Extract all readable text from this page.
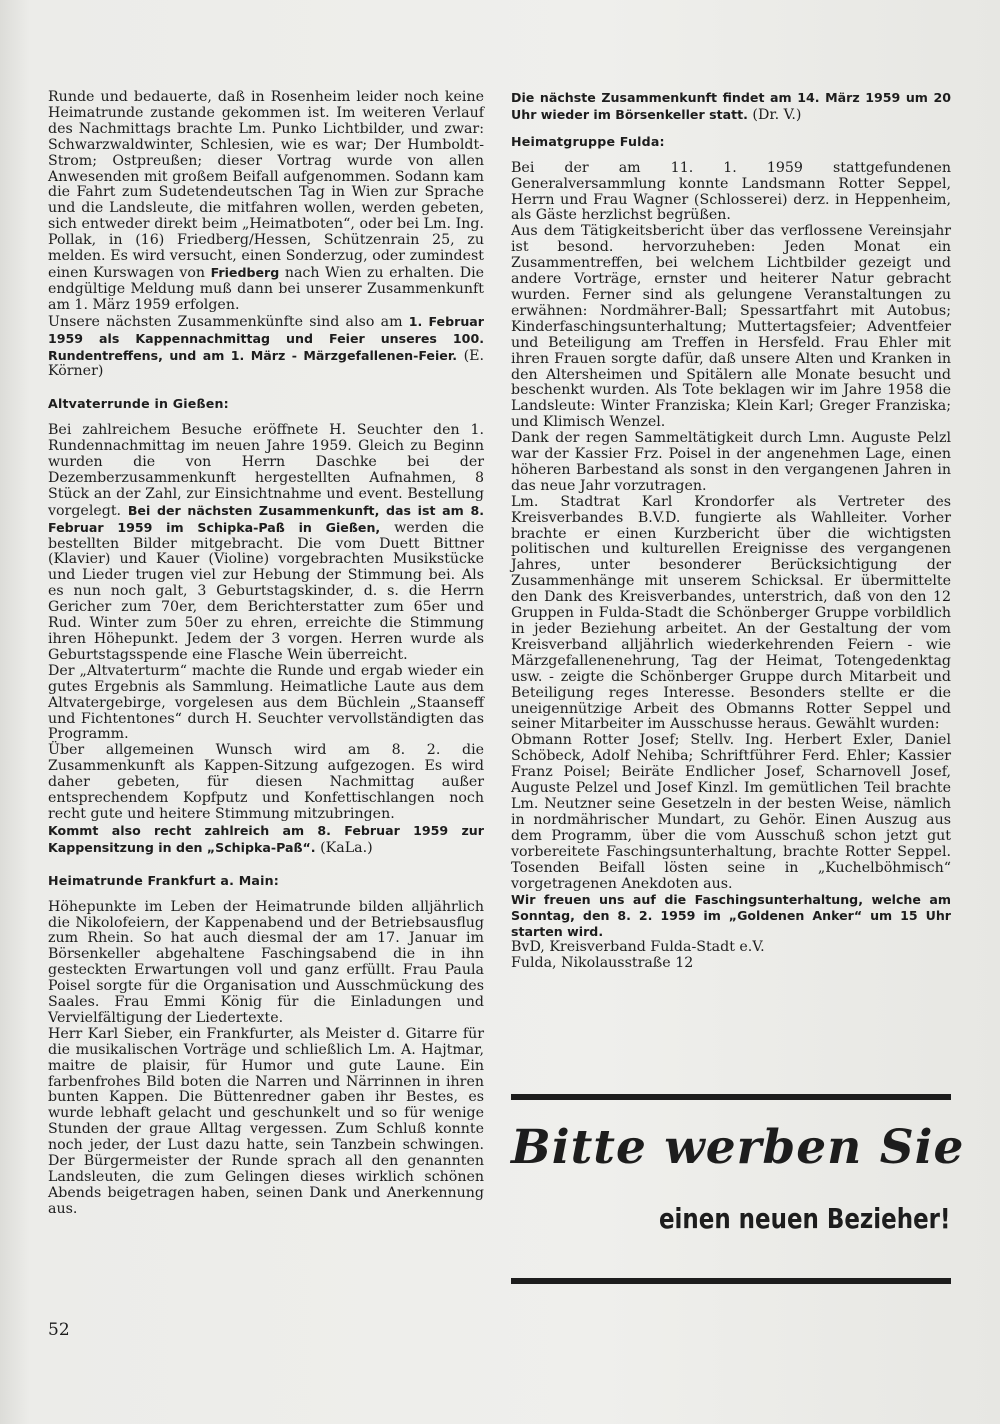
Runde und bedauerte, daß in Rosenheim leider noch keine Heimatrunde zustande gekommen ist. Im weiteren Verlauf des Nachmittags brachte Lm. Punko Lichtbilder, und zwar: Schwarzwaldwinter, Schlesien, wie es war; Der Humboldt-Strom; Ostpreußen; dieser Vortrag wurde von allen Anwesenden mit großem Beifall aufgenommen. Sodann kam die Fahrt zum Sudetendeutschen Tag in Wien zur Sprache und die Landsleute, die mitfahren wollen, werden gebeten, sich entweder direkt beim „Heimatboten“, oder bei Lm. Ing. Pollak, in (16) Friedberg/Hessen, Schützenrain 25, zu melden. Es wird versucht, einen Sonderzug, oder zumindest einen Kurswagen von Friedberg nach Wien zu erhalten. Die endgültige Meldung muß dann bei unserer Zusammenkunft am 1. März 1959 erfolgen.

Unsere nächsten Zusammenkünfte sind also am 1. Februar 1959 als Kappennachmittag und Feier unseres 100. Rundentreffens, und am 1. März - Märzgefallenen-Feier. (E. Körner)

Altvaterrunde in Gießen:

Bei zahlreichem Besuche eröffnete H. Seuchter den 1. Rundennachmittag im neuen Jahre 1959. Gleich zu Beginn wurden die von Herrn Daschke bei der Dezemberzusammenkunft hergestellten Aufnahmen, 8 Stück an der Zahl, zur Einsichtnahme und event. Bestellung vorgelegt. Bei der nächsten Zusammenkunft, das ist am 8. Februar 1959 im Schipka-Paß in Gießen, werden die bestellten Bilder mitgebracht. Die vom Duett Bittner (Klavier) und Kauer (Violine) vorgebrachten Musikstücke und Lieder trugen viel zur Hebung der Stimmung bei. Als es nun noch galt, 3 Geburtstagskinder, d. s. die Herrn Gericher zum 70er, dem Berichterstatter zum 65er und Rud. Winter zum 50er zu ehren, erreichte die Stimmung ihren Höhepunkt. Jedem der 3 vorgen. Herren wurde als Geburtstagsspende eine Flasche Wein überreicht.

Der „Altvaterturm“ machte die Runde und ergab wieder ein gutes Ergebnis als Sammlung. Heimatliche Laute aus dem Altvatergebirge, vorgelesen aus dem Büchlein „Staanseff und Fichtentones“ durch H. Seuchter vervollständigten das Programm.

Über allgemeinen Wunsch wird am 8. 2. die Zusammenkunft als Kappen-Sitzung aufgezogen. Es wird daher gebeten, für diesen Nachmittag außer entsprechendem Kopfputz und Konfettischlangen noch recht gute und heitere Stimmung mitzubringen.

Kommt also recht zahlreich am 8. Februar 1959 zur Kappensitzung in den „Schipka-Paß“. (KaLa.)

Heimatrunde Frankfurt a. Main:

Höhepunkte im Leben der Heimatrunde bilden alljährlich die Nikolofeiern, der Kappenabend und der Betriebsausflug zum Rhein. So hat auch diesmal der am 17. Januar im Börsenkeller abgehaltene Faschingsabend die in ihn gesteckten Erwartungen voll und ganz erfüllt. Frau Paula Poisel sorgte für die Organisation und Ausschmückung des Saales. Frau Emmi König für die Einladungen und Vervielfältigung der Liedertexte.

Herr Karl Sieber, ein Frankfurter, als Meister d. Gitarre für die musikalischen Vorträge und schließlich Lm. A. Hajtmar, maitre de plaisir, für Humor und gute Laune. Ein farbenfrohes Bild boten die Narren und Närrinnen in ihren bunten Kappen. Die Büttenredner gaben ihr Bestes, es wurde lebhaft gelacht und geschunkelt und so für wenige Stunden der graue Alltag vergessen. Zum Schluß konnte noch jeder, der Lust dazu hatte, sein Tanzbein schwingen. Der Bürgermeister der Runde sprach all den genannten Landsleuten, die zum Gelingen dieses wirklich schönen Abends beigetragen haben, seinen Dank und Anerkennung aus.

Die nächste Zusammenkunft findet am 14. März 1959 um 20 Uhr wieder im Börsenkeller statt. (Dr. V.)

Heimatgruppe Fulda:

Bei der am 11. 1. 1959 stattgefundenen Generalversammlung konnte Landsmann Rotter Seppel, Herrn und Frau Wagner (Schlosserei) derz. in Heppenheim, als Gäste herzlichst begrüßen.

Aus dem Tätigkeitsbericht über das verflossene Vereinsjahr ist besond. hervorzuheben: Jeden Monat ein Zusammentreffen, bei welchem Lichtbilder gezeigt und andere Vorträge, ernster und heiterer Natur gebracht wurden. Ferner sind als gelungene Veranstaltungen zu erwähnen: Nordmährer-Ball; Spessartfahrt mit Autobus; Kinderfaschingsunterhaltung; Muttertagsfeier; Adventfeier und Beteiligung am Treffen in Hersfeld. Frau Ehler mit ihren Frauen sorgte dafür, daß unsere Alten und Kranken in den Altersheimen und Spitälern alle Monate besucht und beschenkt wurden. Als Tote beklagen wir im Jahre 1958 die Landsleute: Winter Franziska; Klein Karl; Greger Franziska; und Klimisch Wenzel.

Dank der regen Sammeltätigkeit durch Lmn. Auguste Pelzl war der Kassier Frz. Poisel in der angenehmen Lage, einen höheren Barbestand als sonst in den vergangenen Jahren in das neue Jahr vorzutragen.

Lm. Stadtrat Karl Krondorfer als Vertreter des Kreisverbandes B.V.D. fungierte als Wahlleiter. Vorher brachte er einen Kurzbericht über die wichtigsten politischen und kulturellen Ereignisse des vergangenen Jahres, unter besonderer Berücksichtigung der Zusammenhänge mit unserem Schicksal. Er übermittelte den Dank des Kreisverbandes, unterstrich, daß von den 12 Gruppen in Fulda-Stadt die Schönberger Gruppe vorbildlich in jeder Beziehung arbeitet. An der Gestaltung der vom Kreisverband alljährlich wiederkehrenden Feiern - wie Märzgefallenenehrung, Tag der Heimat, Totengedenktag usw. - zeigte die Schönberger Gruppe durch Mitarbeit und Beteiligung reges Interesse. Besonders stellte er die uneigennützige Arbeit des Obmanns Rotter Seppel und seiner Mitarbeiter im Ausschusse heraus. Gewählt wurden:

Obmann Rotter Josef; Stellv. Ing. Herbert Exler, Daniel Schöbeck, Adolf Nehiba; Schriftführer Ferd. Ehler; Kassier Franz Poisel; Beiräte Endlicher Josef, Scharnovell Josef, Auguste Pelzel und Josef Kinzl. Im gemütlichen Teil brachte Lm. Neutzner seine Gesetzeln in der besten Weise, nämlich in nordmährischer Mundart, zu Gehör. Einen Auszug aus dem Programm, über die vom Ausschuß schon jetzt gut vorbereitete Faschingsunterhaltung, brachte Rotter Seppel. Tosenden Beifall lösten seine in „Kuchelböhmisch“ vorgetragenen Anekdoten aus.

Wir freuen uns auf die Faschingsunterhaltung, welche am Sonntag, den 8. 2. 1959 im „Goldenen Anker“ um 15 Uhr starten wird.

BvD, Kreisverband Fulda-Stadt e.V.

Fulda, Nikolausstraße 12

Bitte werben Sie
einen neuen Bezieher!
52
